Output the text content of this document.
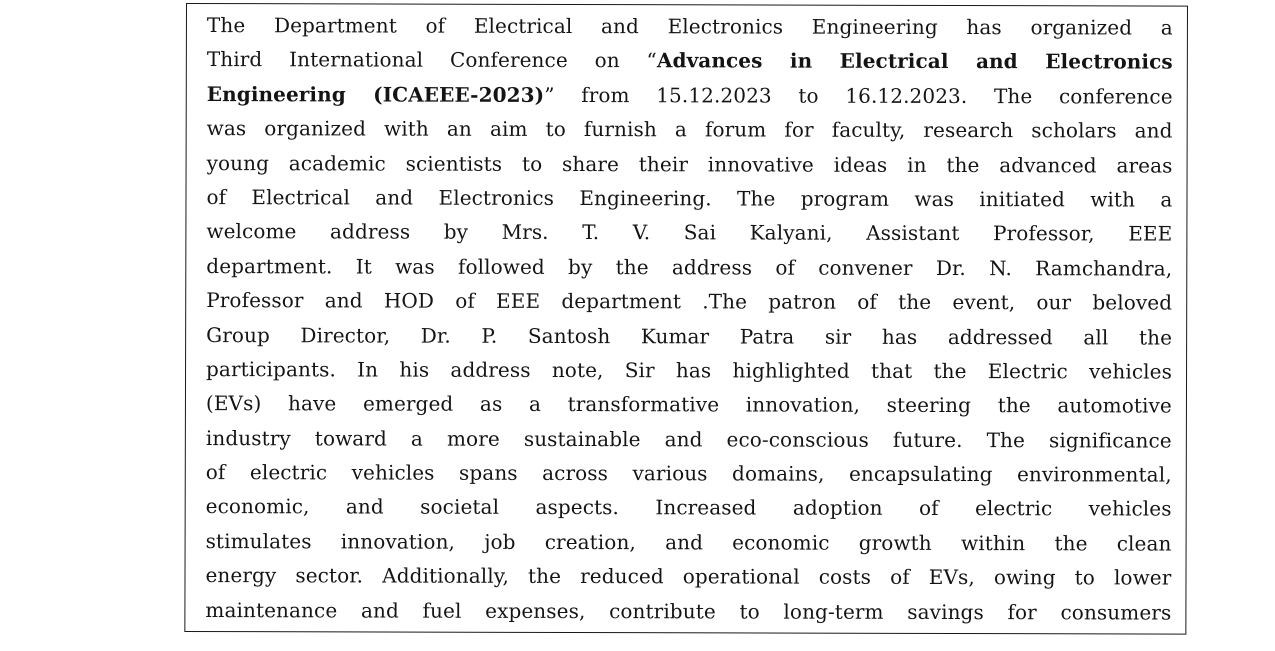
The Department of Electrical and Electronics Engineering has organized a
Third International Conference on “Advances in Electrical and Electronics
Engineering (ICAEEE-2023)” from 15.12.2023 to 16.12.2023. The conference
was organized with an aim to furnish a forum for faculty, research scholars and
young academic scientists to share their innovative ideas in the advanced areas
of Electrical and Electronics Engineering. The program was initiated with a
welcome address by Mrs. T. V. Sai Kalyani, Assistant Professor, EEE
department. It was followed by the address of convener Dr. N. Ramchandra,
Professor and HOD of EEE department .The patron of the event, our beloved
Group Director, Dr. P. Santosh Kumar Patra sir has addressed all the
participants. In his address note, Sir has highlighted that the Electric vehicles
(EVs) have emerged as a transformative innovation, steering the automotive
industry toward a more sustainable and eco-conscious future. The significance
of electric vehicles spans across various domains, encapsulating environmental,
economic, and societal aspects. Increased adoption of electric vehicles
stimulates innovation, job creation, and economic growth within the clean
energy sector. Additionally, the reduced operational costs of EVs, owing to lower
maintenance and fuel expenses, contribute to long-term savings for consumers
